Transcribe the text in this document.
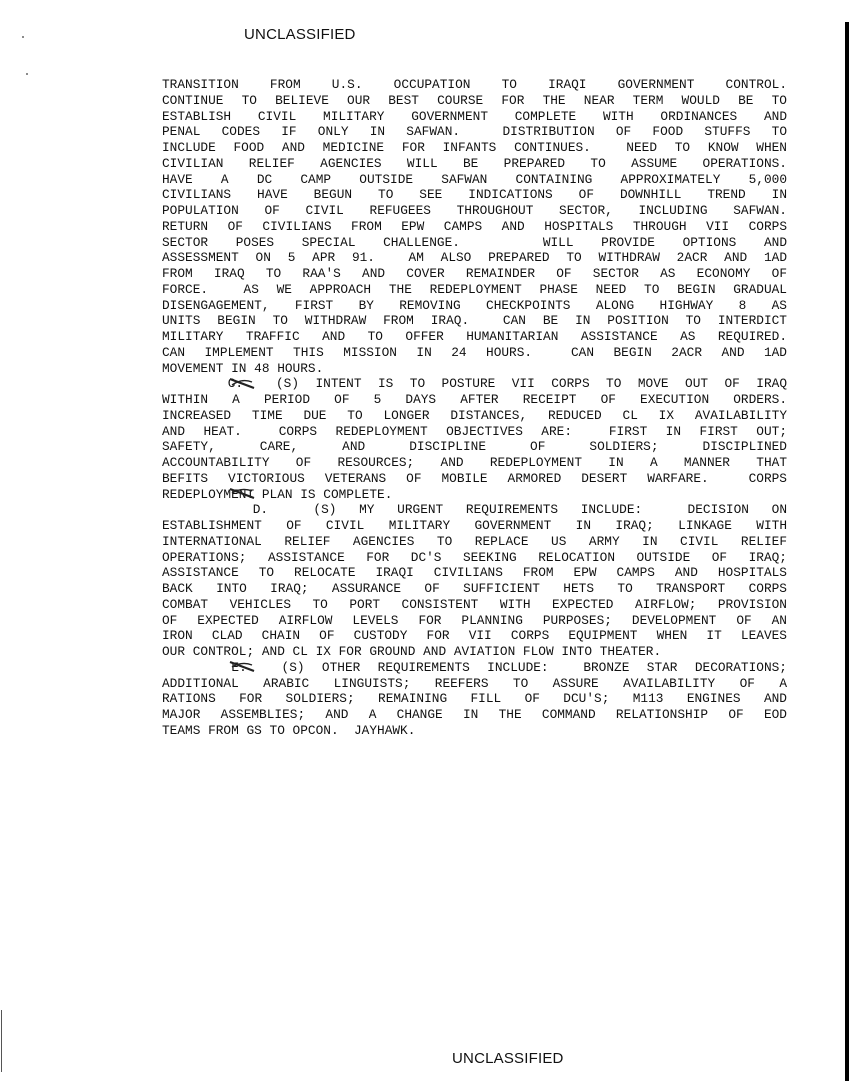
UNCLASSIFIED
TRANSITION FROM U.S. OCCUPATION TO IRAQI GOVERNMENT CONTROL.
CONTINUE TO BELIEVE OUR BEST COURSE FOR THE NEAR TERM WOULD BE TO
ESTABLISH CIVIL MILITARY GOVERNMENT COMPLETE WITH ORDINANCES AND
PENAL CODES IF ONLY IN SAFWAN.  DISTRIBUTION OF FOOD STUFFS TO
INCLUDE FOOD AND MEDICINE FOR INFANTS CONTINUES.  NEED TO KNOW WHEN
CIVILIAN RELIEF AGENCIES WILL BE PREPARED TO ASSUME OPERATIONS.
HAVE A DC CAMP OUTSIDE SAFWAN CONTAINING APPROXIMATELY 5,000
CIVILIANS HAVE BEGUN TO SEE INDICATIONS OF DOWNHILL TREND IN
POPULATION OF CIVIL REFUGEES THROUGHOUT SECTOR, INCLUDING SAFWAN.
RETURN OF CIVILIANS FROM EPW CAMPS AND HOSPITALS THROUGH VII CORPS
SECTOR POSES SPECIAL CHALLENGE.   WILL PROVIDE OPTIONS AND
ASSESSMENT ON 5 APR 91.  AM ALSO PREPARED TO WITHDRAW 2ACR AND 1AD
FROM IRAQ TO RAA'S AND COVER REMAINDER OF SECTOR AS ECONOMY OF
FORCE.  AS WE APPROACH THE REDEPLOYMENT PHASE NEED TO BEGIN GRADUAL
DISENGAGEMENT, FIRST BY REMOVING CHECKPOINTS ALONG HIGHWAY 8 AS
UNITS BEGIN TO WITHDRAW FROM IRAQ.  CAN BE IN POSITION TO INTERDICT
MILITARY TRAFFIC AND TO OFFER HUMANITARIAN ASSISTANCE AS REQUIRED.
CAN IMPLEMENT THIS MISSION IN 24 HOURS.  CAN BEGIN 2ACR AND 1AD
MOVEMENT IN 48 HOURS.
C.  (S) INTENT IS TO POSTURE VII CORPS TO MOVE OUT OF IRAQ
WITHIN A PERIOD OF 5 DAYS AFTER RECEIPT OF EXECUTION ORDERS.
INCREASED TIME DUE TO LONGER DISTANCES, REDUCED CL IX AVAILABILITY
AND HEAT.  CORPS REDEPLOYMENT OBJECTIVES ARE:  FIRST IN FIRST OUT;
SAFETY,   CARE,   AND   DISCIPLINE   OF   SOLDIERS;   DISCIPLINED
ACCOUNTABILITY OF RESOURCES; AND REDEPLOYMENT IN A MANNER THAT
BEFITS VICTORIOUS VETERANS OF MOBILE ARMORED DESERT WARFARE.  CORPS
REDEPLOYMENT PLAN IS COMPLETE.
D.  (S) MY URGENT REQUIREMENTS INCLUDE:  DECISION ON
ESTABLISHMENT OF CIVIL MILITARY GOVERNMENT IN IRAQ; LINKAGE WITH
INTERNATIONAL RELIEF AGENCIES TO REPLACE US ARMY IN CIVIL RELIEF
OPERATIONS; ASSISTANCE FOR DC'S SEEKING RELOCATION OUTSIDE OF IRAQ;
ASSISTANCE TO RELOCATE IRAQI CIVILIANS FROM EPW CAMPS AND HOSPITALS
BACK INTO IRAQ; ASSURANCE OF SUFFICIENT HETS TO TRANSPORT CORPS
COMBAT VEHICLES TO PORT CONSISTENT WITH EXPECTED AIRFLOW; PROVISION
OF EXPECTED AIRFLOW LEVELS FOR PLANNING PURPOSES; DEVELOPMENT OF AN
IRON CLAD CHAIN OF CUSTODY FOR VII CORPS EQUIPMENT WHEN IT LEAVES
OUR CONTROL; AND CL IX FOR GROUND AND AVIATION FLOW INTO THEATER.
E.  (S) OTHER REQUIREMENTS INCLUDE:  BRONZE STAR DECORATIONS;
ADDITIONAL ARABIC LINGUISTS; REEFERS TO ASSURE AVAILABILITY OF A
RATIONS FOR SOLDIERS; REMAINING FILL OF DCU'S; M113 ENGINES AND
MAJOR ASSEMBLIES; AND A CHANGE IN THE COMMAND RELATIONSHIP OF EOD
TEAMS FROM GS TO OPCON.  JAYHAWK.
UNCLASSIFIED
